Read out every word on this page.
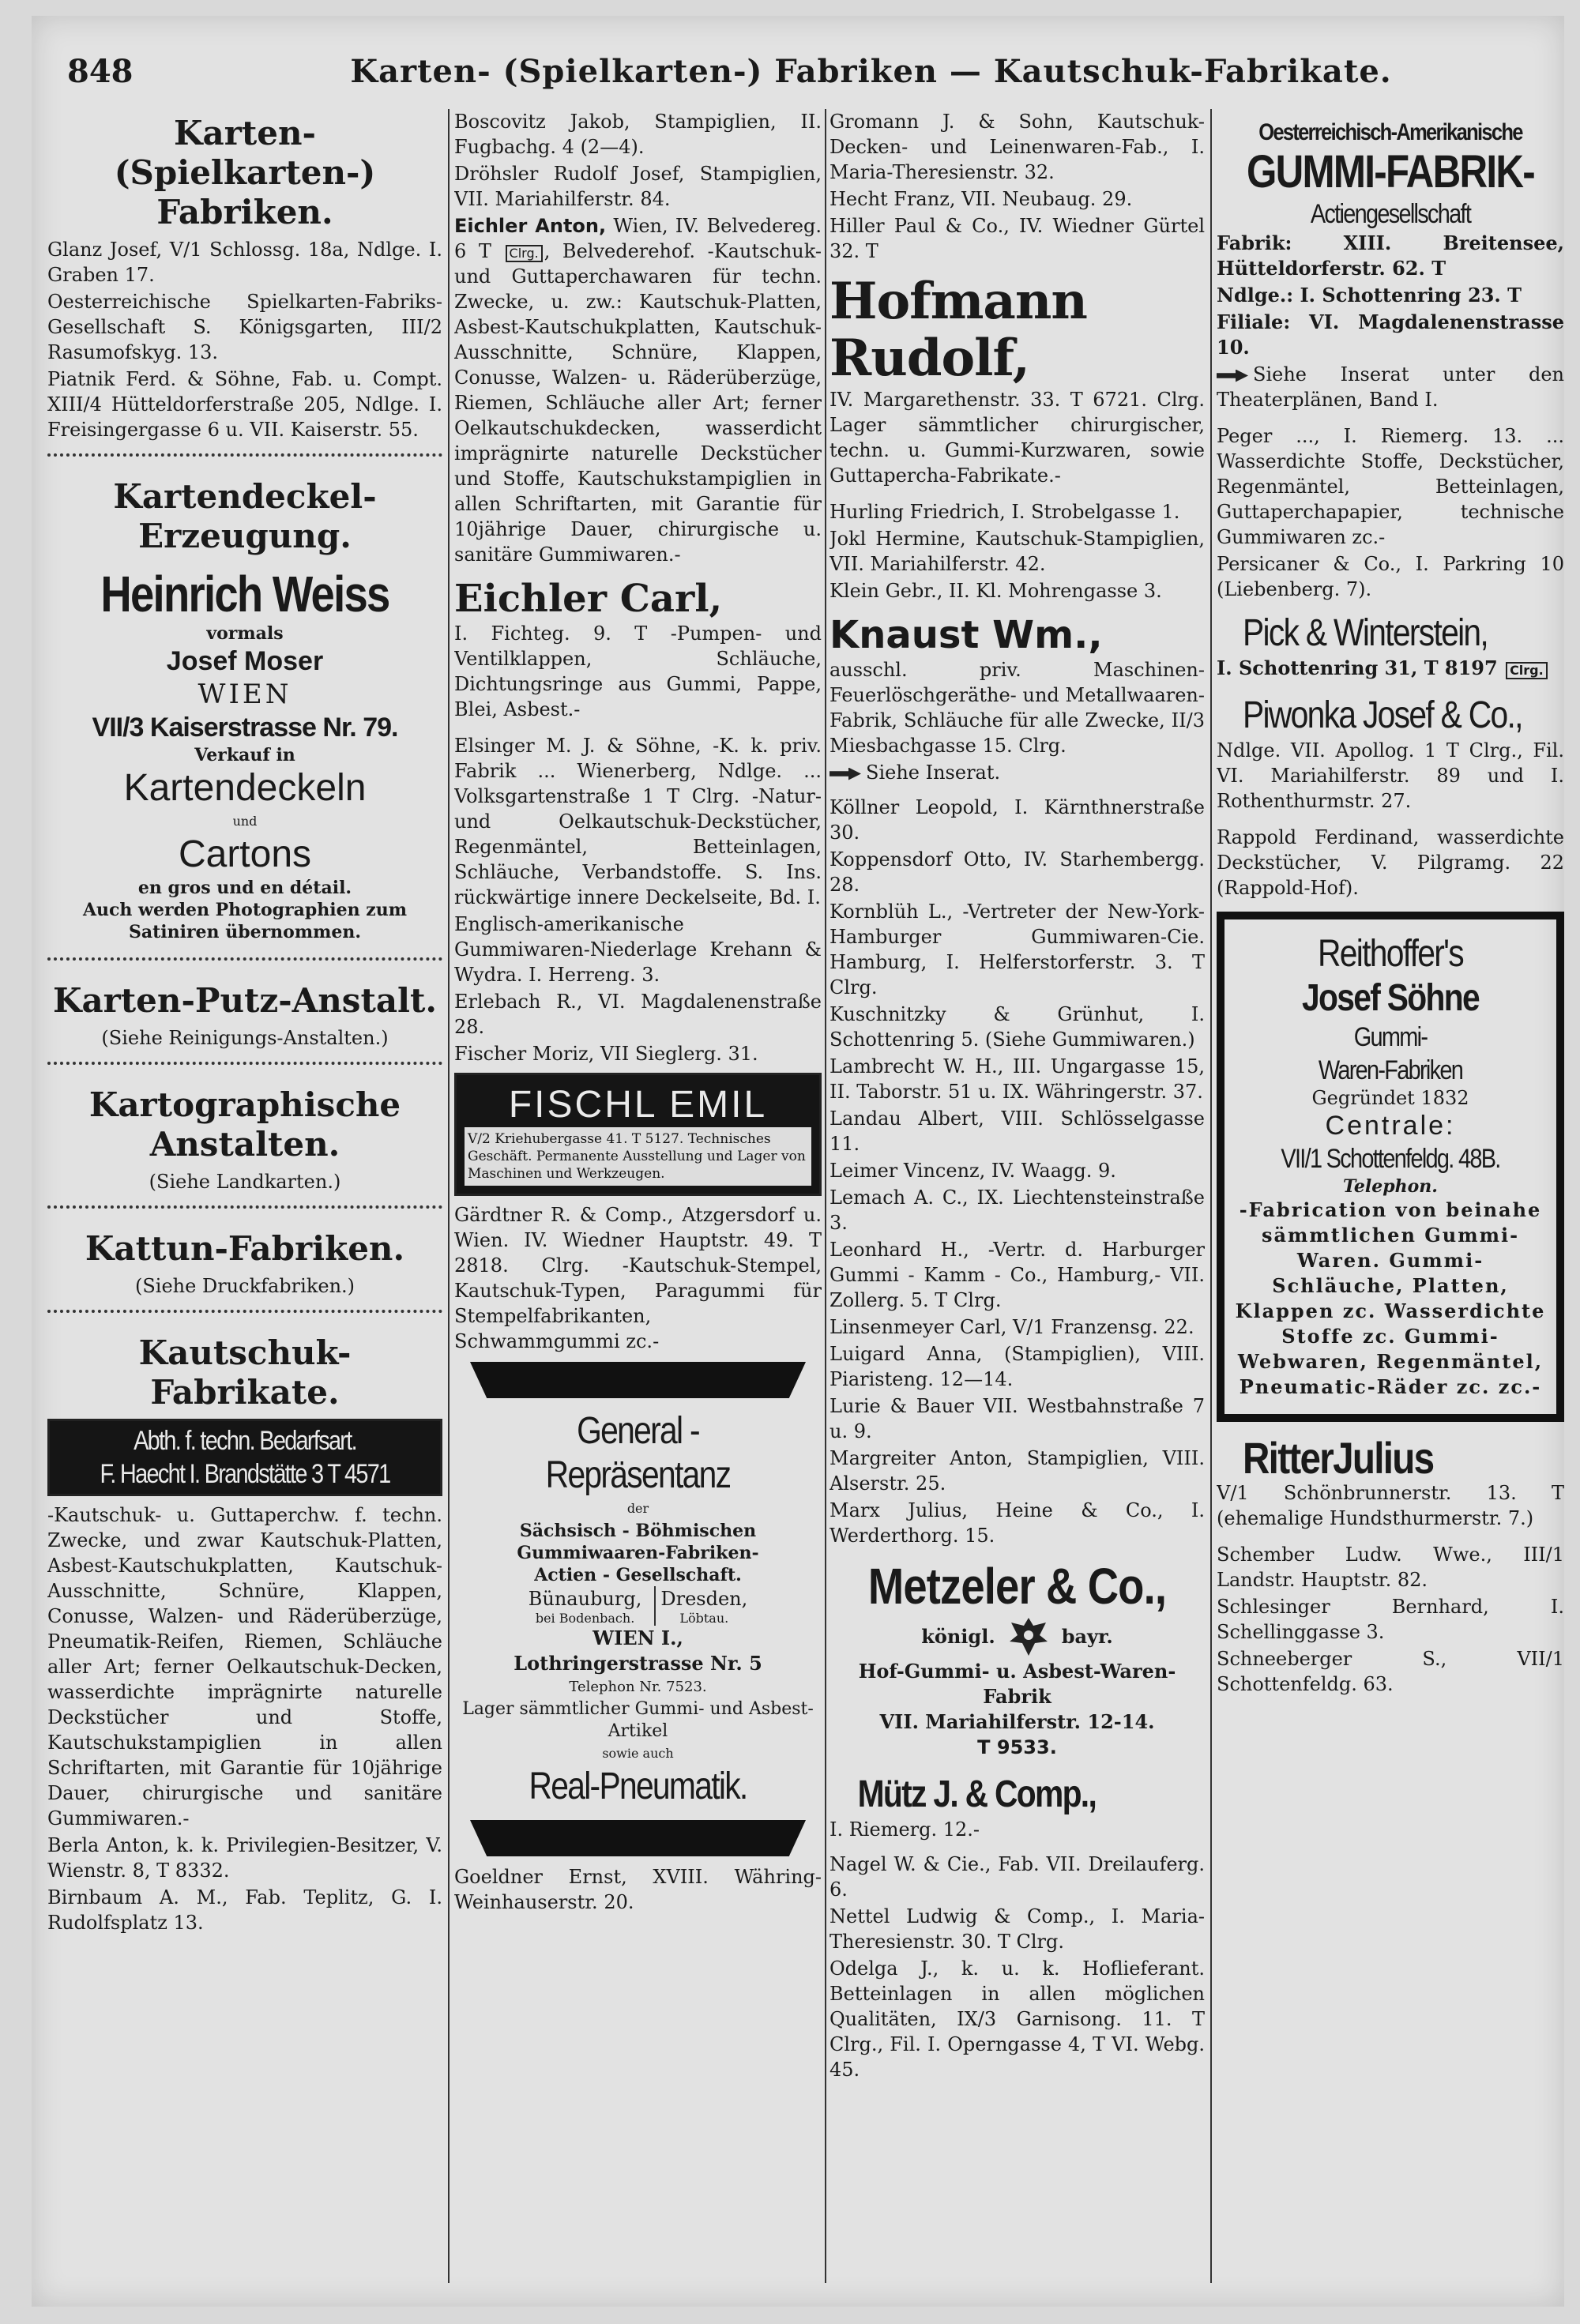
848	Karten- (Spielkarten-) Fabriken — Kautschuk-Fabrikate.
Karten-(Spielkarten-) Fabriken.

Glanz Josef, V/1 Schlossg. 18a, Ndlge. I. Graben 17.

Oesterreichische Spielkarten-Fabriks-Gesellschaft S. Königsgarten, III/2 Rasumofskyg. 13.

Piatnik Ferd. & Söhne, Fab. u. Compt. XIII/4 Hütteldorferstraße 205, Ndlge. I. Freisingergasse 6 u. VII. Kaiserstr. 55.

Kartendeckel-Erzeugung.
Heinrich Weiss
vormals
Josef Moser
WIEN
VII/3 Kaiserstrasse Nr. 79.
Verkauf in
Kartendeckeln
und
Cartons
en gros und en détail.
Auch werden Photographien zum Satiniren übernommen.
Karten-Putz-Anstalt.
(Siehe Reinigungs-Anstalten.)
Kartographische Anstalten.
(Siehe Landkarten.)
Kattun-Fabriken.
(Siehe Druckfabriken.)
Kautschuk-Fabrikate.
Abth. f. techn. Bedarfsart.
F. Haecht I. Brandstätte 3 T 4571

-Kautschuk- u. Guttaperchw. f. techn. Zwecke, und zwar Kautschuk-Platten, Asbest-Kautschukplatten, Kautschuk-Ausschnitte, Schnüre, Klappen, Conusse, Walzen- und Räderüberzüge, Pneumatik-Reifen, Riemen, Schläuche aller Art; ferner Oelkautschuk-Decken, wasserdichte imprägnirte naturelle Deckstücher und Stoffe, Kautschukstampiglien in allen Schriftarten, mit Garantie für 10jährige Dauer, chirurgische und sanitäre Gummiwaren.-

Berla Anton, k. k. Privilegien-Besitzer, V. Wienstr. 8, T 8332.

Birnbaum A. M., Fab. Teplitz, G. I. Rudolfsplatz 13.

Boscovitz Jakob, Stampiglien, II. Fugbachg. 4 (2—4).

Dröhsler Rudolf Josef, Stampiglien, VII. Mariahilferstr. 84.

Eichler Anton, Wien, IV. Belvedereg. 6 T Clrg. , Belvederehof. -Kautschuk- und Guttaperchawaren für techn. Zwecke, u. zw.: Kautschuk-Platten, Asbest-Kautschukplatten, Kautschuk-Ausschnitte, Schnüre, Klappen, Conusse, Walzen- u. Räderüberzüge, Riemen, Schläuche aller Art; ferner Oelkautschukdecken, wasserdicht imprägnirte naturelle Deckstücher und Stoffe, Kautschukstampiglien in allen Schriftarten, mit Garantie für 10jährige Dauer, chirurgische u. sanitäre Gummiwaren.-

Eichler Carl,

I. Fichteg. 9. T -Pumpen- und Ventilklappen, Schläuche, Dichtungsringe aus Gummi, Pappe, Blei, Asbest.-

Elsinger M. J. & Söhne, -K. k. priv. Fabrik ... Wienerberg, Ndlge. ... Volksgartenstraße 1 T Clrg. -Natur- und Oelkautschuk-Deckstücher, Regenmäntel, Betteinlagen, Schläuche, Verbandstoffe. S. Ins. rückwärtige innere Deckelseite, Bd. I.

Englisch-amerikanische Gummiwaren-Niederlage Krehann & Wydra. I. Herreng. 3.

Erlebach R., VI. Magdalenenstraße 28.

Fischer Moriz, VII Sieglerg. 31.

FISCHL EMIL
V/2 Kriehubergasse 41. T 5127. Technisches Geschäft. Permanente Ausstellung und Lager von Maschinen und Werkzeugen.

Gärdtner R. & Comp., Atzgersdorf u. Wien. IV. Wiedner Hauptstr. 49. T 2818. Clrg. -Kautschuk-Stempel, Kautschuk-Typen, Paragummi für Stempelfabrikanten, Schwammgummi zc.-

General - Repräsentanz
der
Sächsisch - Böhmischen
Gummiwaaren-Fabriken-
Actien - Gesellschaft.
Bünauburg,
bei Bodenbach.
Dresden,
Löbtau.
WIEN I.,
Lothringerstrasse Nr. 5
Telephon Nr. 7523.
Lager sämmtlicher Gummi- und Asbest-Artikel
sowie auch
Real-Pneumatik.

Goeldner Ernst, XVIII. Währing-Weinhauserstr. 20.

Gromann J. & Sohn, Kautschuk-Decken- und Leinenwaren-Fab., I. Maria-Theresienstr. 32.

Hecht Franz, VII. Neubaug. 29.

Hiller Paul & Co., IV. Wiedner Gürtel 32. T

Hofmann Rudolf,

IV. Margarethenstr. 33. T 6721. Clrg. Lager sämmtlicher chirurgischer, techn. u. Gummi-Kurzwaren, sowie Guttapercha-Fabrikate.-

Hurling Friedrich, I. Strobelgasse 1.

Jokl Hermine, Kautschuk-Stampiglien, VII. Mariahilferstr. 42.

Klein Gebr., II. Kl. Mohrengasse 3.

Knaust Wm.,

ausschl. priv. Maschinen-Feuerlöschgeräthe- und Metallwaaren-Fabrik, Schläuche für alle Zwecke, II/3 Miesbachgasse 15. Clrg.

Siehe Inserat.

Köllner Leopold, I. Kärnthnerstraße 30.

Koppensdorf Otto, IV. Starhembergg. 28.

Kornblüh L., -Vertreter der New-York-Hamburger Gummiwaren-Cie. Hamburg, I. Helferstorferstr. 3. T Clrg.

Kuschnitzky & Grünhut, I. Schottenring 5. (Siehe Gummiwaren.)

Lambrecht W. H., III. Ungargasse 15, II. Taborstr. 51 u. IX. Währingerstr. 37.

Landau Albert, VIII. Schlösselgasse 11.

Leimer Vincenz, IV. Waagg. 9.

Lemach A. C., IX. Liechtensteinstraße 3.

Leonhard H., -Vertr. d. Harburger Gummi - Kamm - Co., Hamburg,- VII. Zollerg. 5. T Clrg.

Linsenmeyer Carl, V/1 Franzensg. 22.

Luigard Anna, (Stampiglien), VIII. Piaristeng. 12—14.

Lurie & Bauer VII. Westbahnstraße 7 u. 9.

Margreiter Anton, Stampiglien, VIII. Alserstr. 25.

Marx Julius, Heine & Co., I. Werderthorg. 15.

Metzeler & Co.,
königl.	bayr.
Hof-Gummi- u. Asbest-Waren-Fabrik
VII. Mariahilferstr. 12-14.
T 9533.
Mütz J. & Comp.,
I. Riemerg. 12.-

Nagel W. & Cie., Fab. VII. Dreilauferg. 6.

Nettel Ludwig & Comp., I. Maria-Theresienstr. 30. T Clrg.

Odelga J., k. u. k. Hoflieferant. Betteinlagen in allen möglichen Qualitäten, IX/3 Garnisong. 11. T Clrg., Fil. I. Operngasse 4, T VI. Webg. 45.

Oesterreichisch-Amerikanische
GUMMI-FABRIK-
Actiengesellschaft

Fabrik: XIII. Breitensee, Hütteldorferstr. 62. T

Ndlge.: I. Schottenring 23. T

Filiale: VI. Magdalenenstrasse 10.

Siehe Inserat unter den Theaterplänen, Band I.

Peger ..., I. Riemerg. 13. ... Wasserdichte Stoffe, Deckstücher, Regenmäntel, Betteinlagen, Guttaperchapapier, technische Gummiwaren zc.-

Persicaner & Co., I. Parkring 10 (Liebenberg. 7).

Pick & Winterstein,
I. Schottenring 31, T 8197 Clrg.
Piwonka Josef & Co.,

Ndlge. VII. Apollog. 1 T Clrg., Fil. VI. Mariahilferstr. 89 und I. Rothenthurmstr. 27.

Rappold Ferdinand, wasserdichte Deckstücher, V. Pilgramg. 22 (Rappold-Hof).

Reithoffer's
Josef Söhne
Gummi-
Waren-Fabriken
Gegründet 1832
Centrale:
VII/1 Schottenfeldg. 48B.
Telephon.

-Fabrication von beinahe sämmtlichen Gummi-Waren. Gummi-Schläuche, Platten, Klappen zc. Wasserdichte Stoffe zc. Gummi-Webwaren, Regenmäntel, Pneumatic-Räder zc. zc.-

RitterJulius

V/1 Schönbrunnerstr. 13. T (ehemalige Hundsthurmerstr. 7.)

Schember Ludw. Wwe., III/1 Landstr. Hauptstr. 82.

Schlesinger Bernhard, I. Schellinggasse 3.

Schneeberger S., VII/1 Schottenfeldg. 63.
